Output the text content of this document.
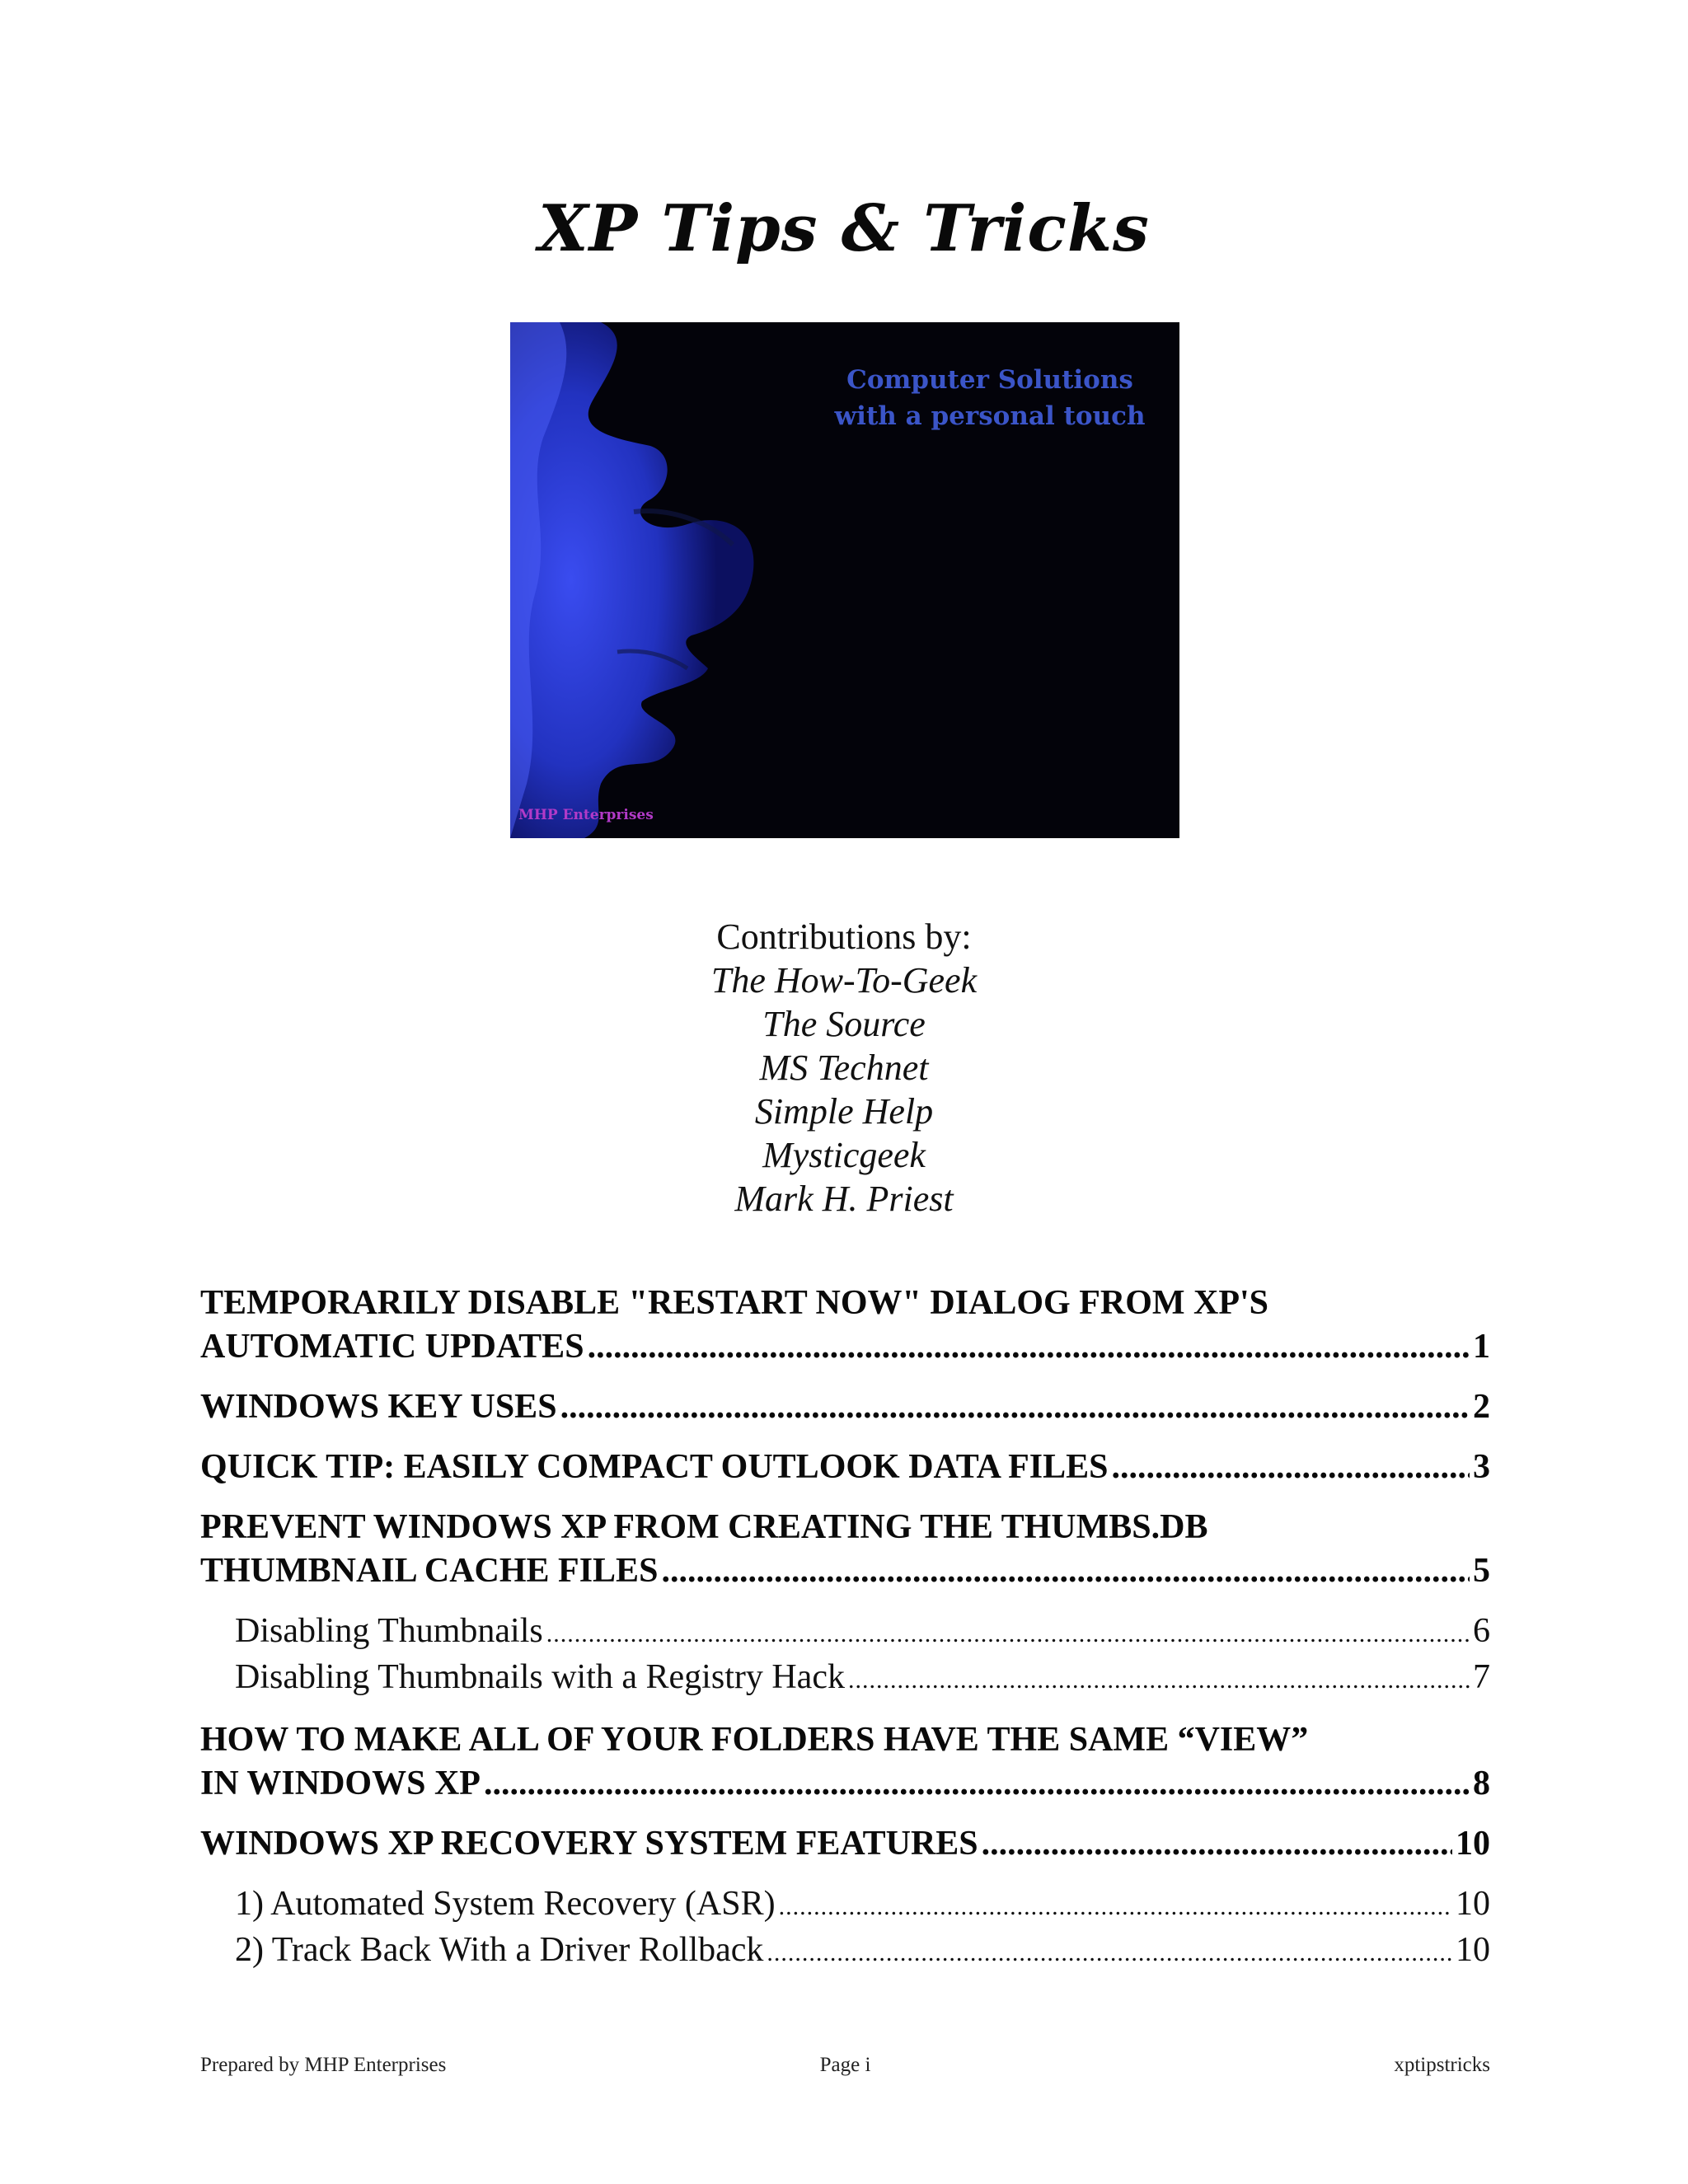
XP Tips & Tricks
Computer Solutions
with a personal touch
MHP Enterprises
Contributions by:
The How-To-Geek
The Source
MS Technet
Simple Help
Mysticgeek
Mark H. Priest
TEMPORARILY DISABLE "RESTART NOW" DIALOG FROM XP'S
AUTOMATIC UPDATES .....	1
WINDOWS KEY USES .....	2
QUICK TIP: EASILY COMPACT OUTLOOK DATA FILES .....	3
PREVENT WINDOWS XP FROM CREATING THE THUMBS.DB
THUMBNAIL CACHE FILES .....	5
Disabling Thumbnails .....	6
Disabling Thumbnails with a Registry Hack .....	7
HOW TO MAKE ALL OF YOUR FOLDERS HAVE THE SAME “VIEW”
IN WINDOWS XP .....	8
WINDOWS XP RECOVERY SYSTEM FEATURES .....	10
1) Automated System Recovery (ASR) .....	10
2) Track Back With a Driver Rollback .....	10
Prepared by MHP Enterprises	Page i	xptipstricks
